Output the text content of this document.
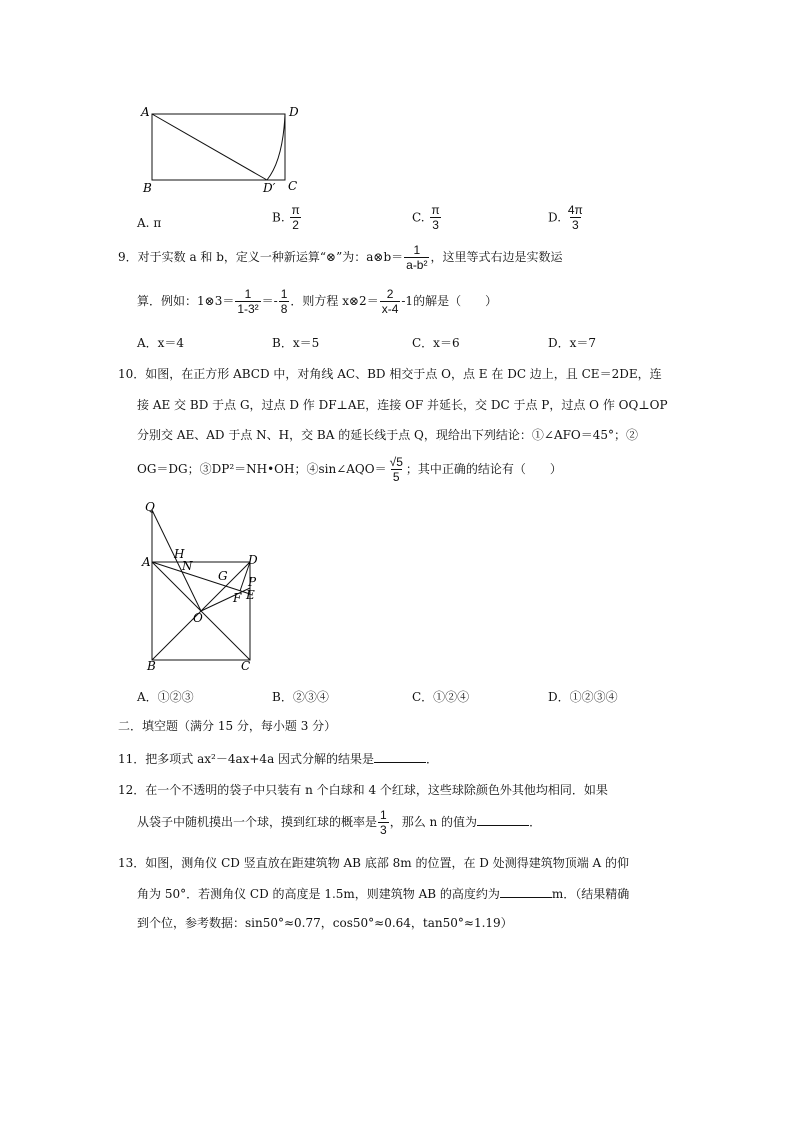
A	D
B	D′ C
A. π	B. $\frac{\pi}{2}$	C. $\frac{\pi}{3}$	D. $\frac{4\pi}{3}$
9．对于实数 a 和 b，定义一种新运算“⊗”为：a⊗b＝ $\frac{1}{\text{a-b²}}$ ，这里等式右边是实数运
算．例如：1⊗3＝ $\frac{1}{\text{1-3²}} =- \frac{1}{8}$ ．则方程 x⊗2＝ $\frac{2}{x-4} -1$的解是（　　）
A．x＝4	B．x＝5	C．x＝6	D．x＝7
10．如图，在正方形 ABCD 中，对角线 AC、BD 相交于点 O，点 E 在 DC 边上，且 CE＝2DE，连
接 AE 交 BD 于点 G，过点 D 作 DF⊥AE，连接 OF 并延长，交 DC 于点 P，过点 O 作 OQ⊥OP
分别交 AE、AD 于点 N、H，交 BA 的延长线于点 Q，现给出下列结论：①∠AFO＝45°；②
OG＝DG；③DP²＝NH•OH；④sin∠AQO＝ $\frac{√5}{5}$ ；其中正确的结论有（　　）
Q
H
N	D
A
G P
F E
O
B	C
A．①②③	B．②③④	C．①②④	D．①②③④
二．填空题（满分 15 分，每小题 3 分）
11．把多项式 ax²－4ax+4a 因式分解的结果是	．
12．在一个不透明的袋子中只装有 n 个白球和 4 个红球，这些球除颜色外其他均相同．如果
从袋子中随机摸出一个球，摸到红球的概率是 $\frac{1}{3}$ ，那么 n 的值为	．
13．如图，测角仪 CD 竖直放在距建筑物 AB 底部 8m 的位置，在 D 处测得建筑物顶端 A 的仰
角为 50°．若测角仪 CD 的高度是 1.5m，则建筑物 AB 的高度约为	m．（结果精确
到个位，参考数据：sin50°≈0.77，cos50°≈0.64，tan50°≈1.19）
